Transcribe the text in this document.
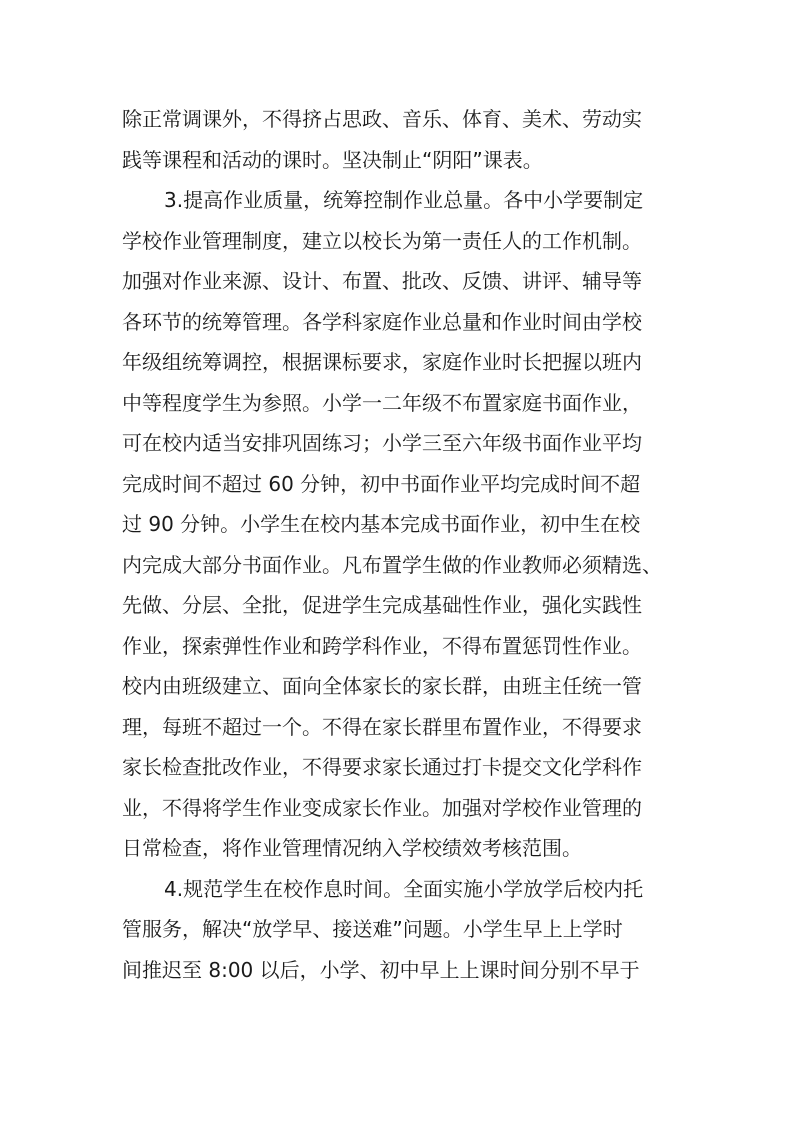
除正常调课外，不得挤占思政、音乐、体育、美术、劳动实
践等课程和活动的课时。坚决制止“阴阳”课表。
3.提高作业质量，统筹控制作业总量。各中小学要制定
学校作业管理制度，建立以校长为第一责任人的工作机制。
加强对作业来源、设计、布置、批改、反馈、讲评、辅导等
各环节的统筹管理。各学科家庭作业总量和作业时间由学校
年级组统筹调控，根据课标要求，家庭作业时长把握以班内
中等程度学生为参照。小学一二年级不布置家庭书面作业，
可在校内适当安排巩固练习；小学三至六年级书面作业平均
完成时间不超过 60 分钟，初中书面作业平均完成时间不超
过 90 分钟。小学生在校内基本完成书面作业，初中生在校
内完成大部分书面作业。凡布置学生做的作业教师必须精选、
先做、分层、全批，促进学生完成基础性作业，强化实践性
作业，探索弹性作业和跨学科作业，不得布置惩罚性作业。
校内由班级建立、面向全体家长的家长群，由班主任统一管
理，每班不超过一个。不得在家长群里布置作业，不得要求
家长检查批改作业，不得要求家长通过打卡提交文化学科作
业，不得将学生作业变成家长作业。加强对学校作业管理的
日常检查，将作业管理情况纳入学校绩效考核范围。
4.规范学生在校作息时间。全面实施小学放学后校内托
管服务，解决“放学早、接送难”问题。小学生早上上学时
间推迟至 8:00 以后，小学、初中早上上课时间分别不早于
